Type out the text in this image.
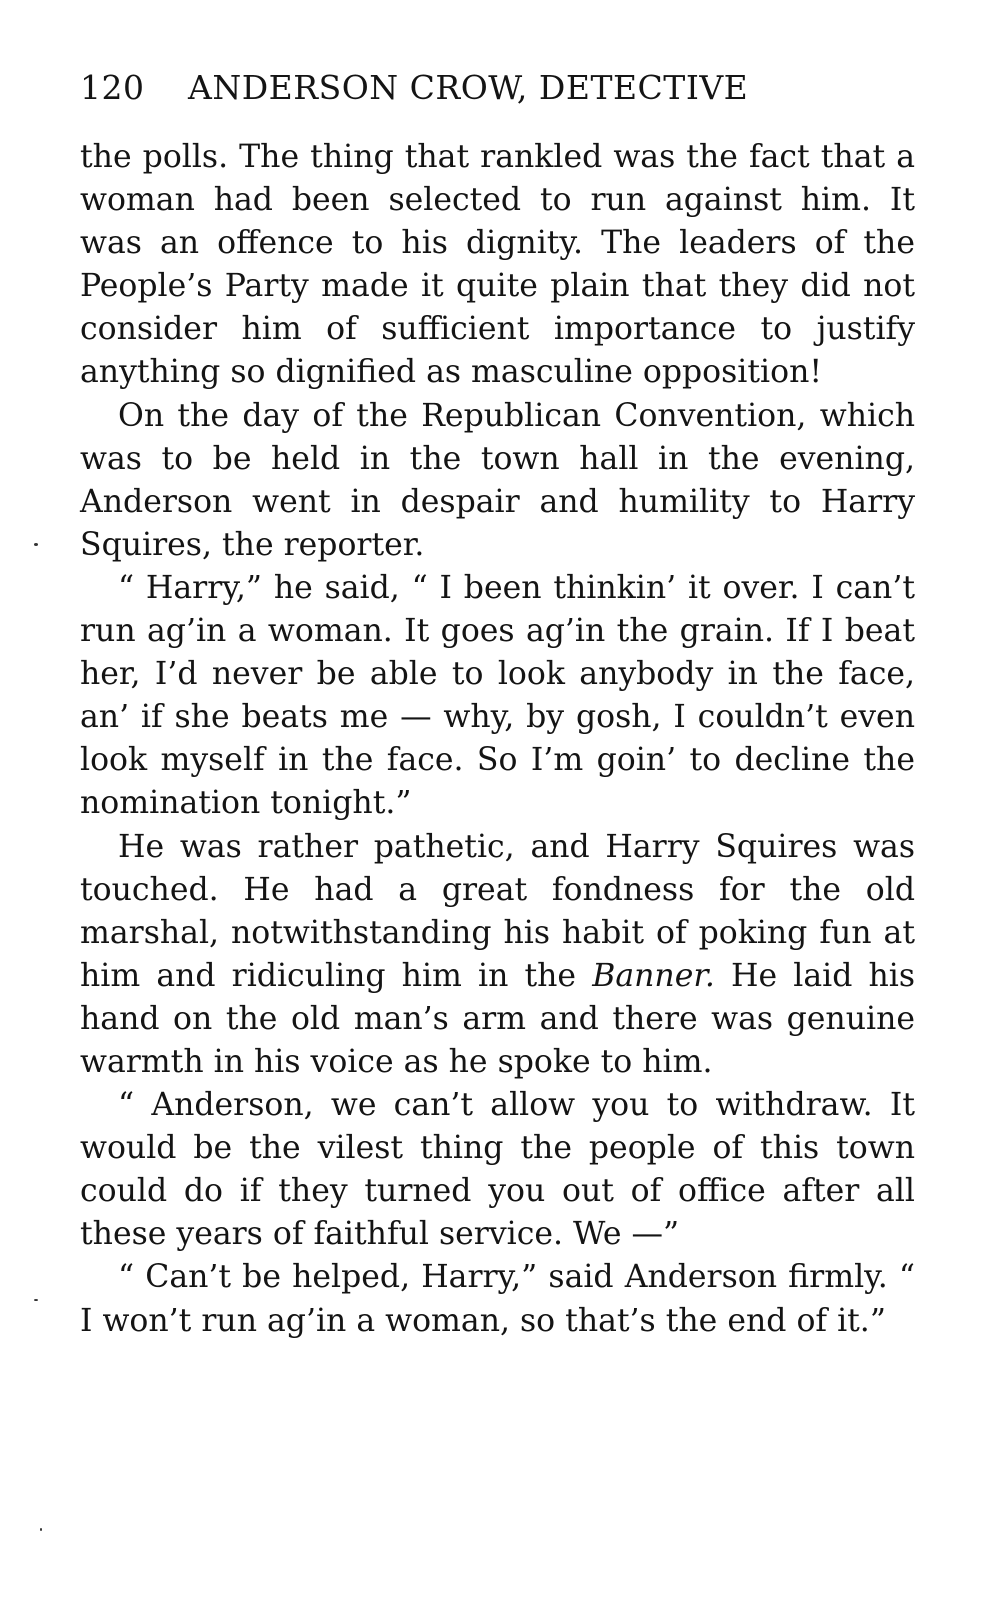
120 ANDERSON CROW, DETECTIVE

the polls. The thing that rankled was the fact that a woman had been selected to run against him. It was an offence to his dignity. The leaders of the People’s Party made it quite plain that they did not consider him of sufficient importance to justify anything so dignified as masculine opposition!

On the day of the Republican Convention, which was to be held in the town hall in the evening, Anderson went in despair and humility to Harry Squires, the reporter.

“ Harry,” he said, “ I been thinkin’ it over. I can’t run ag’in a woman. It goes ag’in the grain. If I beat her, I’d never be able to look anybody in the face, an’ if she beats me — why, by gosh, I couldn’t even look myself in the face. So I’m goin’ to decline the nomination tonight.”

He was rather pathetic, and Harry Squires was touched. He had a great fondness for the old marshal, notwithstanding his habit of poking fun at him and ridiculing him in the Banner. He laid his hand on the old man’s arm and there was genuine warmth in his voice as he spoke to him.

“ Anderson, we can’t allow you to withdraw. It would be the vilest thing the people of this town could do if they turned you out of office after all these years of faithful service. We —”

“ Can’t be helped, Harry,” said Anderson firmly. “ I won’t run ag’in a woman, so that’s the end of it.”
